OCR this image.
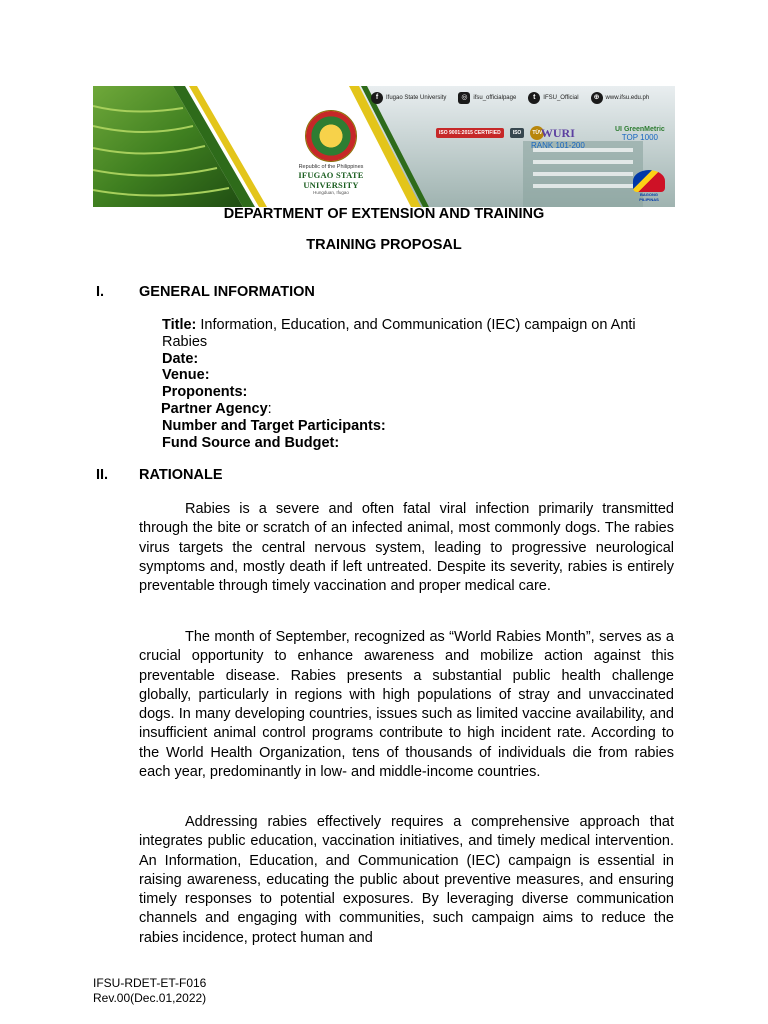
f	Ifugao State University	◎ ifsu_officialpage	t	IFSU_Official	⊕	www.ifsu.edu.ph
Republic of the Philippines
IFUGAO STATE UNIVERSITY
Hungduan, Ifugao
ISO 9001:2015 CERTIFIED	ISO	TÜV
WURI
RANK 101-200
UI GreenMetric
TOP 1000
BAGONG PILIPINAS
DEPARTMENT OF EXTENSION AND TRAINING
TRAINING PROPOSAL
I. GENERAL INFORMATION
Title: Information, Education, and Communication (IEC) campaign on Anti Rabies
Date:
Venue:
Proponents:
Partner Agency:
Number and Target Participants:
Fund Source and Budget:
II. RATIONALE

Rabies is a severe and often fatal viral infection primarily transmitted through the bite or scratch of an infected animal, most commonly dogs. The rabies virus targets the central nervous system, leading to progressive neurological symptoms and, mostly death if left untreated. Despite its severity, rabies is entirely preventable through timely vaccination and proper medical care.

The month of September, recognized as “World Rabies Month”, serves as a crucial opportunity to enhance awareness and mobilize action against this preventable disease. Rabies presents a substantial public health challenge globally, particularly in regions with high populations of stray and unvaccinated dogs. In many developing countries, issues such as limited vaccine availability, and insufficient animal control programs contribute to high incident rate. According to the World Health Organization, tens of thousands of individuals die from rabies each year, predominantly in low- and middle-income countries.

Addressing rabies effectively requires a comprehensive approach that integrates public education, vaccination initiatives, and timely medical intervention. An Information, Education, and Communication (IEC) campaign is essential in raising awareness, educating the public about preventive measures, and ensuring timely responses to potential exposures. By leveraging diverse communication channels and engaging with communities, such campaign aims to reduce the rabies incidence, protect human and

IFSU-RDET-ET-F016
Rev.00(Dec.01,2022)
